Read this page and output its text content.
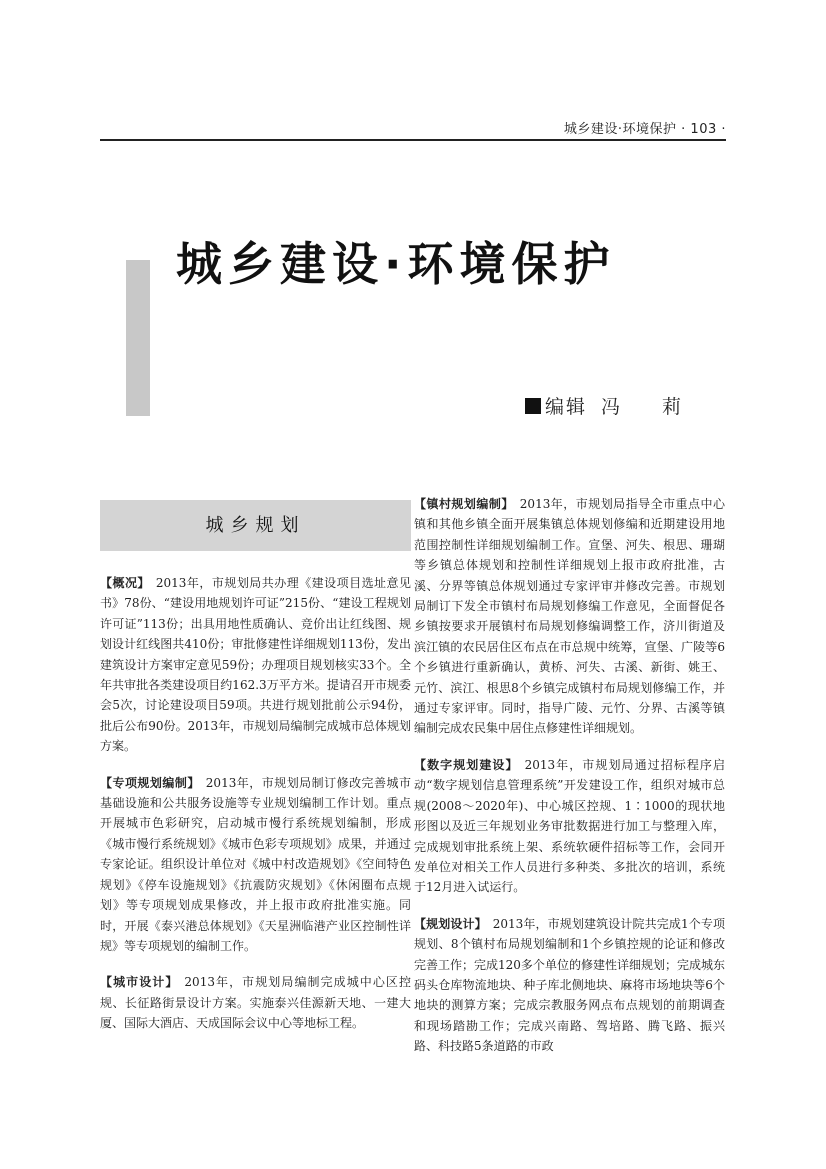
城乡建设·环境保护 · 103 ·
城乡建设·环境保护
编辑 冯 莉
城乡规划

【概况】 2013年，市规划局共办理《建设项目选址意见书》78份、“建设用地规划许可证”215份、“建设工程规划许可证”113份；出具用地性质确认、竞价出让红线图、规划设计红线图共410份；审批修建性详细规划113份，发出建筑设计方案审定意见59份；办理项目规划核实33个。全年共审批各类建设项目约162.3万平方米。提请召开市规委会5次，讨论建设项目59项。共进行规划批前公示94份，批后公布90份。2013年，市规划局编制完成城市总体规划方案。

【专项规划编制】 2013年，市规划局制订修改完善城市基础设施和公共服务设施等专业规划编制工作计划。重点开展城市色彩研究，启动城市慢行系统规划编制，形成《城市慢行系统规划》《城市色彩专项规划》成果，并通过专家论证。组织设计单位对《城中村改造规划》《空间特色规划》《停车设施规划》《抗震防灾规划》《休闲圈布点规划》等专项规划成果修改，并上报市政府批准实施。同时，开展《泰兴港总体规划》《天星洲临港产业区控制性详规》等专项规划的编制工作。

【城市设计】 2013年，市规划局编制完成城中心区控规、长征路街景设计方案。实施泰兴佳源新天地、一建大厦、国际大酒店、天成国际会议中心等地标工程。

【镇村规划编制】 2013年，市规划局指导全市重点中心镇和其他乡镇全面开展集镇总体规划修编和近期建设用地范围控制性详细规划编制工作。宣堡、河失、根思、珊瑚等乡镇总体规划和控制性详细规划上报市政府批准，古溪、分界等镇总体规划通过专家评审并修改完善。市规划局制订下发全市镇村布局规划修编工作意见，全面督促各乡镇按要求开展镇村布局规划修编调整工作，济川街道及滨江镇的农民居住区布点在市总规中统筹，宣堡、广陵等6个乡镇进行重新确认，黄桥、河失、古溪、新街、姚王、元竹、滨江、根思8个乡镇完成镇村布局规划修编工作，并通过专家评审。同时，指导广陵、元竹、分界、古溪等镇编制完成农民集中居住点修建性详细规划。

【数字规划建设】 2013年，市规划局通过招标程序启动“数字规划信息管理系统”开发建设工作，组织对城市总规(2008～2020年)、中心城区控规、1∶1000的现状地形图以及近三年规划业务审批数据进行加工与整理入库，完成规划审批系统上架、系统软硬件招标等工作，会同开发单位对相关工作人员进行多种类、多批次的培训，系统于12月进入试运行。

【规划设计】 2013年，市规划建筑设计院共完成1个专项规划、8个镇村布局规划编制和1个乡镇控规的论证和修改完善工作；完成120多个单位的修建性详细规划；完成城东码头仓库物流地块、种子库北侧地块、麻将市场地块等6个地块的测算方案；完成宗教服务网点布点规划的前期调查和现场踏勘工作；完成兴南路、驾培路、腾飞路、振兴路、科技路5条道路的市政
